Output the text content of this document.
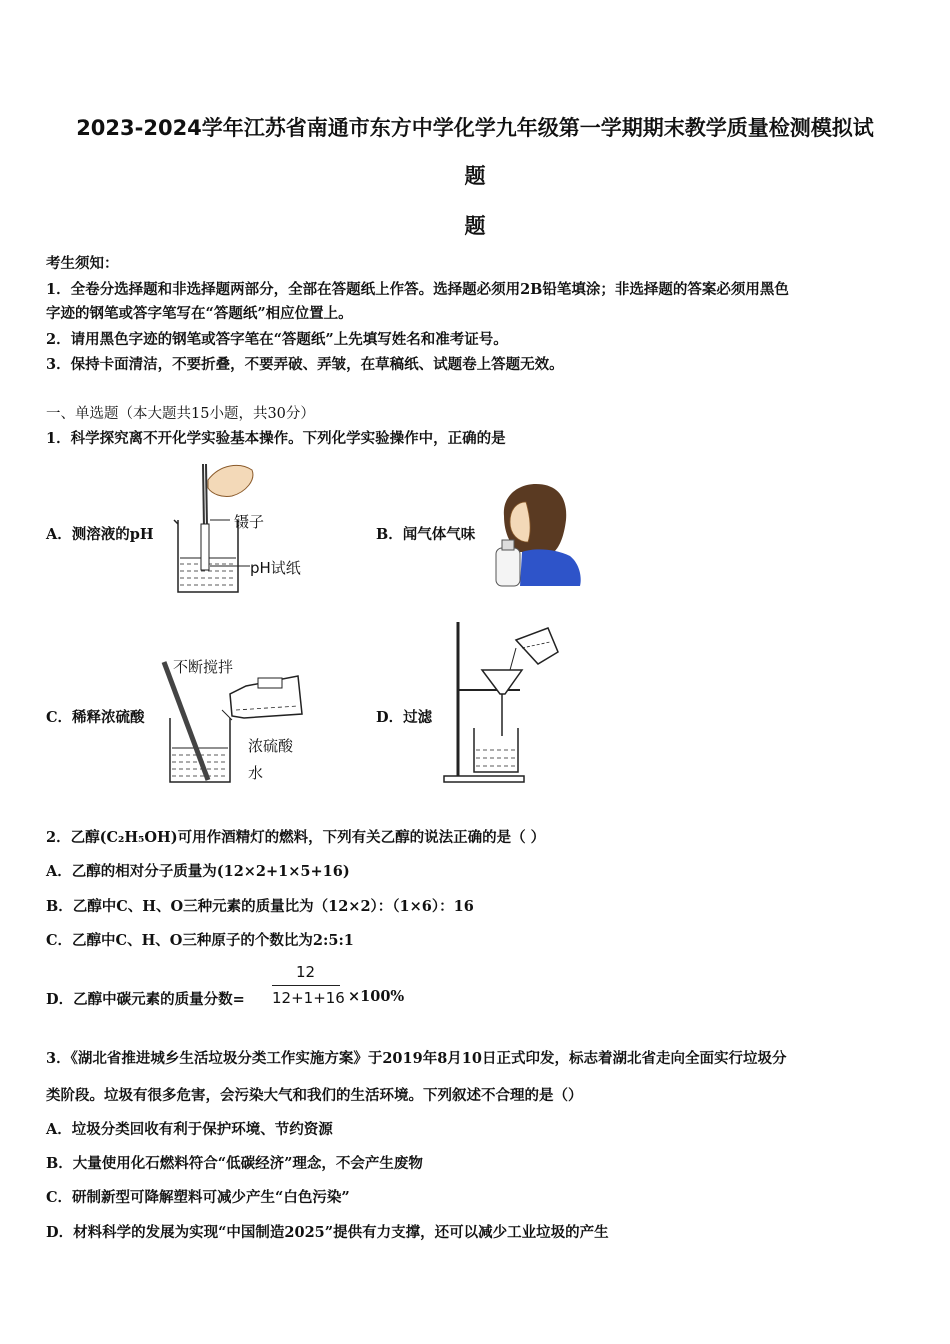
2023-2024学年江苏省南通市东方中学化学九年级第一学期期末教学质量检测模拟试
题
题
考生须知：
1．全卷分选择题和非选择题两部分，全部在答题纸上作答。选择题必须用2B铅笔填涂；非选择题的答案必须用黑色
字迹的钢笔或答字笔写在“答题纸”相应位置上。
2．请用黑色字迹的钢笔或答字笔在“答题纸”上先填写姓名和准考证号。
3．保持卡面清洁，不要折叠，不要弄破、弄皱，在草稿纸、试题卷上答题无效。
一、单选题（本大题共15小题，共30分）
1．科学探究离不开化学实验基本操作。下列化学实验操作中，正确的是
A．测溶液的pH	B．闻气体气味
C．稀释浓硫酸	D．过滤
镊子
pH试纸
不断搅拌
浓硫酸
水
2．乙醇(C₂H₅OH)可用作酒精灯的燃料，下列有关乙醇的说法正确的是（ ）
A．乙醇的相对分子质量为(12×2+1×5+16)
B．乙醇中C、H、O三种元素的质量比为（12×2）：（1×6）：16
C．乙醇中C、H、O三种原子的个数比为2:5:1
D．乙醇中碳元素的质量分数=
12
12+1+16 ×100%
3．《湖北省推进城乡生活垃圾分类工作实施方案》于2019年8月10日正式印发，标志着湖北省走向全面实行垃圾分
类阶段。垃圾有很多危害，会污染大气和我们的生活环境。下列叙述不合理的是（）
A．垃圾分类回收有利于保护环境、节约资源
B．大量使用化石燃料符合“低碳经济”理念，不会产生废物
C．研制新型可降解塑料可减少产生“白色污染”
D．材料科学的发展为实现“中国制造2025”提供有力支撑，还可以减少工业垃圾的产生
